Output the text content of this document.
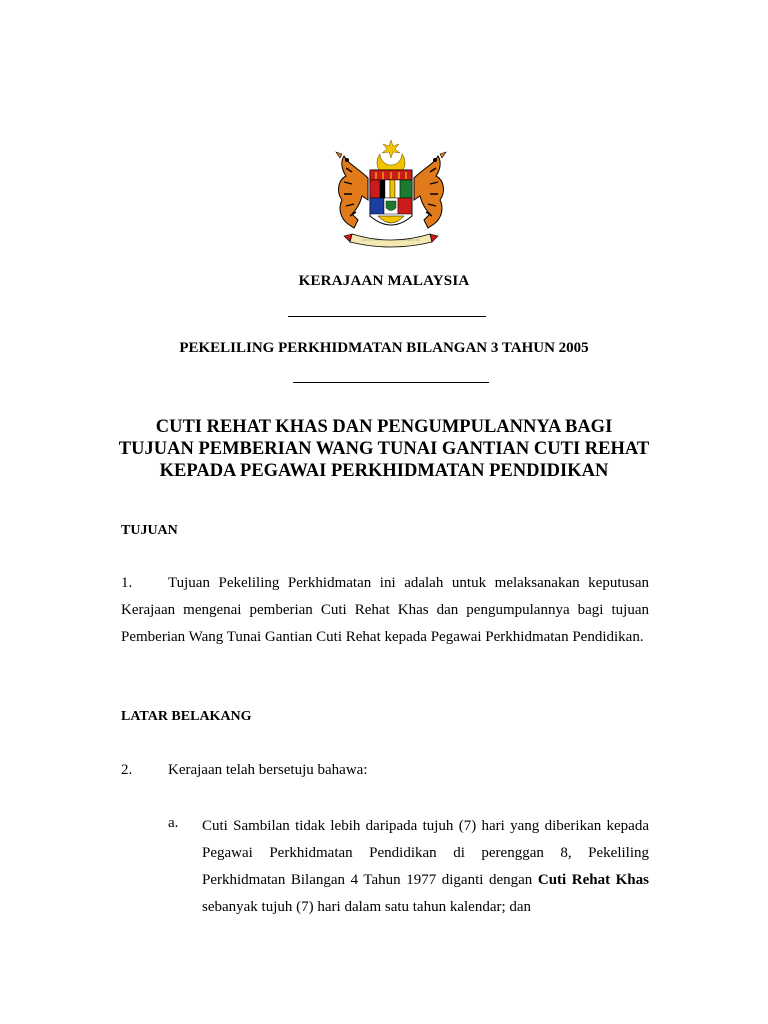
KERAJAAN MALAYSIA
PEKELILING PERKHIDMATAN BILANGAN 3 TAHUN 2005
CUTI REHAT KHAS DAN PENGUMPULANNYA BAGI
TUJUAN PEMBERIAN WANG TUNAI GANTIAN CUTI REHAT
KEPADA PEGAWAI PERKHIDMATAN PENDIDIKAN
TUJUAN
1. Tujuan Pekeliling Perkhidmatan ini adalah untuk melaksanakan keputusan Kerajaan mengenai pemberian Cuti Rehat Khas dan pengumpulannya bagi tujuan Pemberian Wang Tunai Gantian Cuti Rehat kepada Pegawai Perkhidmatan Pendidikan.
LATAR BELAKANG
2. Kerajaan telah bersetuju bahawa:
a. Cuti Sambilan tidak lebih daripada tujuh (7) hari yang diberikan kepada Pegawai Perkhidmatan Pendidikan di perenggan 8, Pekeliling Perkhidmatan Bilangan 4 Tahun 1977 diganti dengan Cuti Rehat Khas sebanyak tujuh (7) hari dalam satu tahun kalendar; dan
